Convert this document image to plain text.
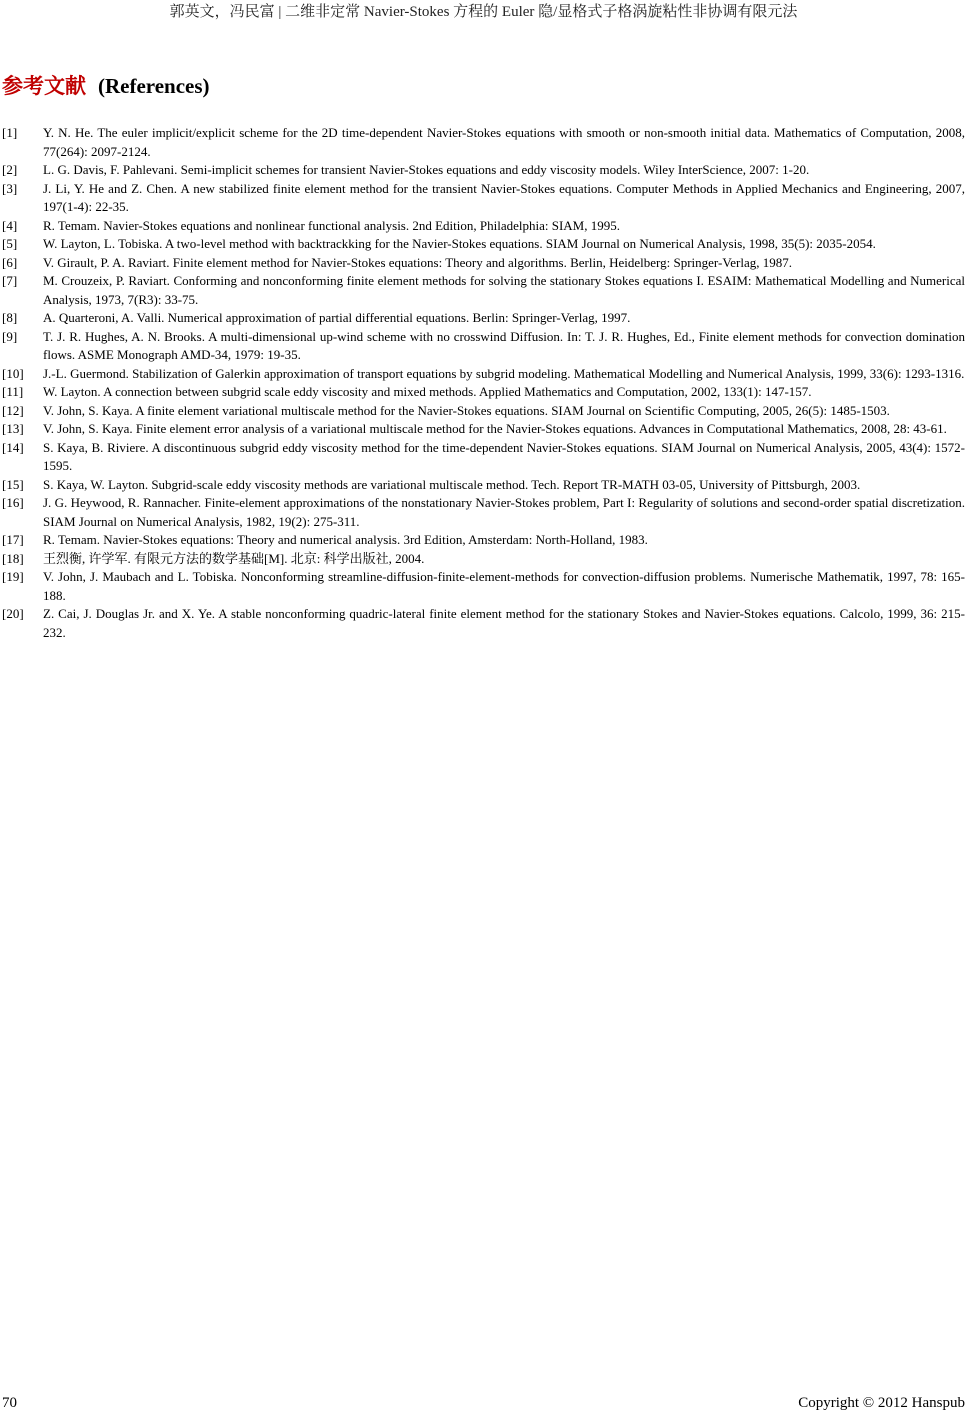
郭英文，冯民富 | 二维非定常 Navier-Stokes 方程的 Euler 隐/显格式子格涡旋粘性非协调有限元法
参考文献 (References)
[1]	Y. N. He. The euler implicit/explicit scheme for the 2D time-dependent Navier-Stokes equations with smooth or non-smooth initial data. Mathematics of Computation, 2008, 77(264): 2097-2124.
[2]	L. G. Davis, F. Pahlevani. Semi-implicit schemes for transient Navier-Stokes equations and eddy viscosity models. Wiley InterScience, 2007: 1-20.
[3]	J. Li, Y. He and Z. Chen. A new stabilized finite element method for the transient Navier-Stokes equations. Computer Methods in Applied Mechanics and Engineering, 2007, 197(1-4): 22-35.
[4]	R. Temam. Navier-Stokes equations and nonlinear functional analysis. 2nd Edition, Philadelphia: SIAM, 1995.
[5]	W. Layton, L. Tobiska. A two-level method with backtrackking for the Navier-Stokes equations. SIAM Journal on Numerical Analysis, 1998, 35(5): 2035-2054.
[6]	V. Girault, P. A. Raviart. Finite element method for Navier-Stokes equations: Theory and algorithms. Berlin, Heidelberg: Springer-Verlag, 1987.
[7]	M. Crouzeix, P. Raviart. Conforming and nonconforming finite element methods for solving the stationary Stokes equations I. ESAIM: Mathematical Modelling and Numerical Analysis, 1973, 7(R3): 33-75.
[8]	A. Quarteroni, A. Valli. Numerical approximation of partial differential equations. Berlin: Springer-Verlag, 1997.
[9]	T. J. R. Hughes, A. N. Brooks. A multi-dimensional up-wind scheme with no crosswind Diffusion. In: T. J. R. Hughes, Ed., Finite element methods for convection domination flows. ASME Monograph AMD-34, 1979: 19-35.
[10]	J.-L. Guermond. Stabilization of Galerkin approximation of transport equations by subgrid modeling. Mathematical Modelling and Numerical Analysis, 1999, 33(6): 1293-1316.
[11]	W. Layton. A connection between subgrid scale eddy viscosity and mixed methods. Applied Mathematics and Computation, 2002, 133(1): 147-157.
[12]	V. John, S. Kaya. A finite element variational multiscale method for the Navier-Stokes equations. SIAM Journal on Scientific Computing, 2005, 26(5): 1485-1503.
[13]	V. John, S. Kaya. Finite element error analysis of a variational multiscale method for the Navier-Stokes equations. Advances in Computational Mathematics, 2008, 28: 43-61.
[14]	S. Kaya, B. Riviere. A discontinuous subgrid eddy viscosity method for the time-dependent Navier-Stokes equations. SIAM Journal on Numerical Analysis, 2005, 43(4): 1572-1595.
[15]	S. Kaya, W. Layton. Subgrid-scale eddy viscosity methods are variational multiscale method. Tech. Report TR-MATH 03-05, University of Pittsburgh, 2003.
[16]	J. G. Heywood, R. Rannacher. Finite-element approximations of the nonstationary Navier-Stokes problem, Part I: Regularity of solutions and second-order spatial discretization. SIAM Journal on Numerical Analysis, 1982, 19(2): 275-311.
[17]	R. Temam. Navier-Stokes equations: Theory and numerical analysis. 3rd Edition, Amsterdam: North-Holland, 1983.
[18]	王烈衡, 许学军. 有限元方法的数学基础[M]. 北京: 科学出版社, 2004.
[19]	V. John, J. Maubach and L. Tobiska. Nonconforming streamline-diffusion-finite-element-methods for convection-diffusion problems. Numerische Mathematik, 1997, 78: 165-188.
[20]	Z. Cai, J. Douglas Jr. and X. Ye. A stable nonconforming quadric-lateral finite element method for the stationary Stokes and Navier-Stokes equations. Calcolo, 1999, 36: 215-232.
70	Copyright © 2012 Hanspub
